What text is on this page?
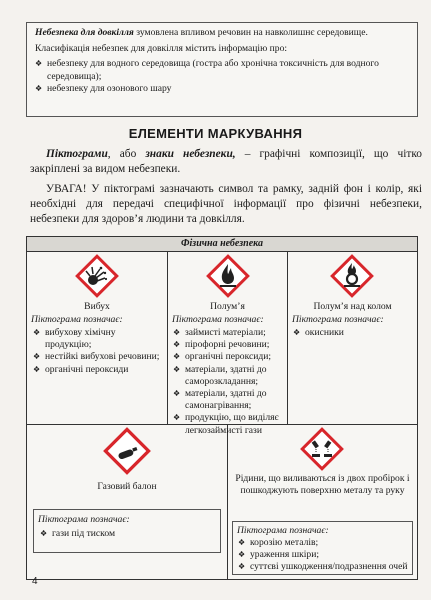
Небезпека для довкілля зумовлена впливом речовин на навколишнє середовище.

Класифікація небезпек для довкілля містить інформацію про:

❖ небезпеку для водного середовища (гостра або хронічна токсичність для водного середовища);
❖ небезпеку для озонового шару
ЕЛЕМЕНТИ МАРКУВАННЯ
Піктограми, або знаки небезпеки, – графічні композиції, що чітко закріплені за видом небезпеки.
УВАГА! У піктограмі зазначають символ та рамку, задній фон і колір, які необхідні для передачі специфічної інформації про фізичні небезпеки, небезпеки для здоров’я людини та довкілля.
Фізична небезпека
Вибух
Піктограма позначає:
❖ вибухову хімічну продукцію;
❖ нестійкі вибухові речовини;
❖ органічні пероксиди
Полум’я
Піктограма позначає:
❖ займисті матеріали;
❖ пірофорні речовини;
❖ органічні пероксиди;
❖ матеріали, здатні до саморозкладання;
❖ матеріали, здатні до самонагрівання;
❖ продукцію, що виділяє легкозаймисті гази
Полум’я над колом
Піктограма позначає:
❖ окисники
Газовий балон
Піктограма позначає:
❖ гази під тиском
Рідини, що виливаються із двох пробірок і пошкоджують поверхню металу та руку
Піктограма позначає:
❖ корозію металів;
❖ ураження шкіри;
❖ суттєві ушкодження/подразнення очей
4
